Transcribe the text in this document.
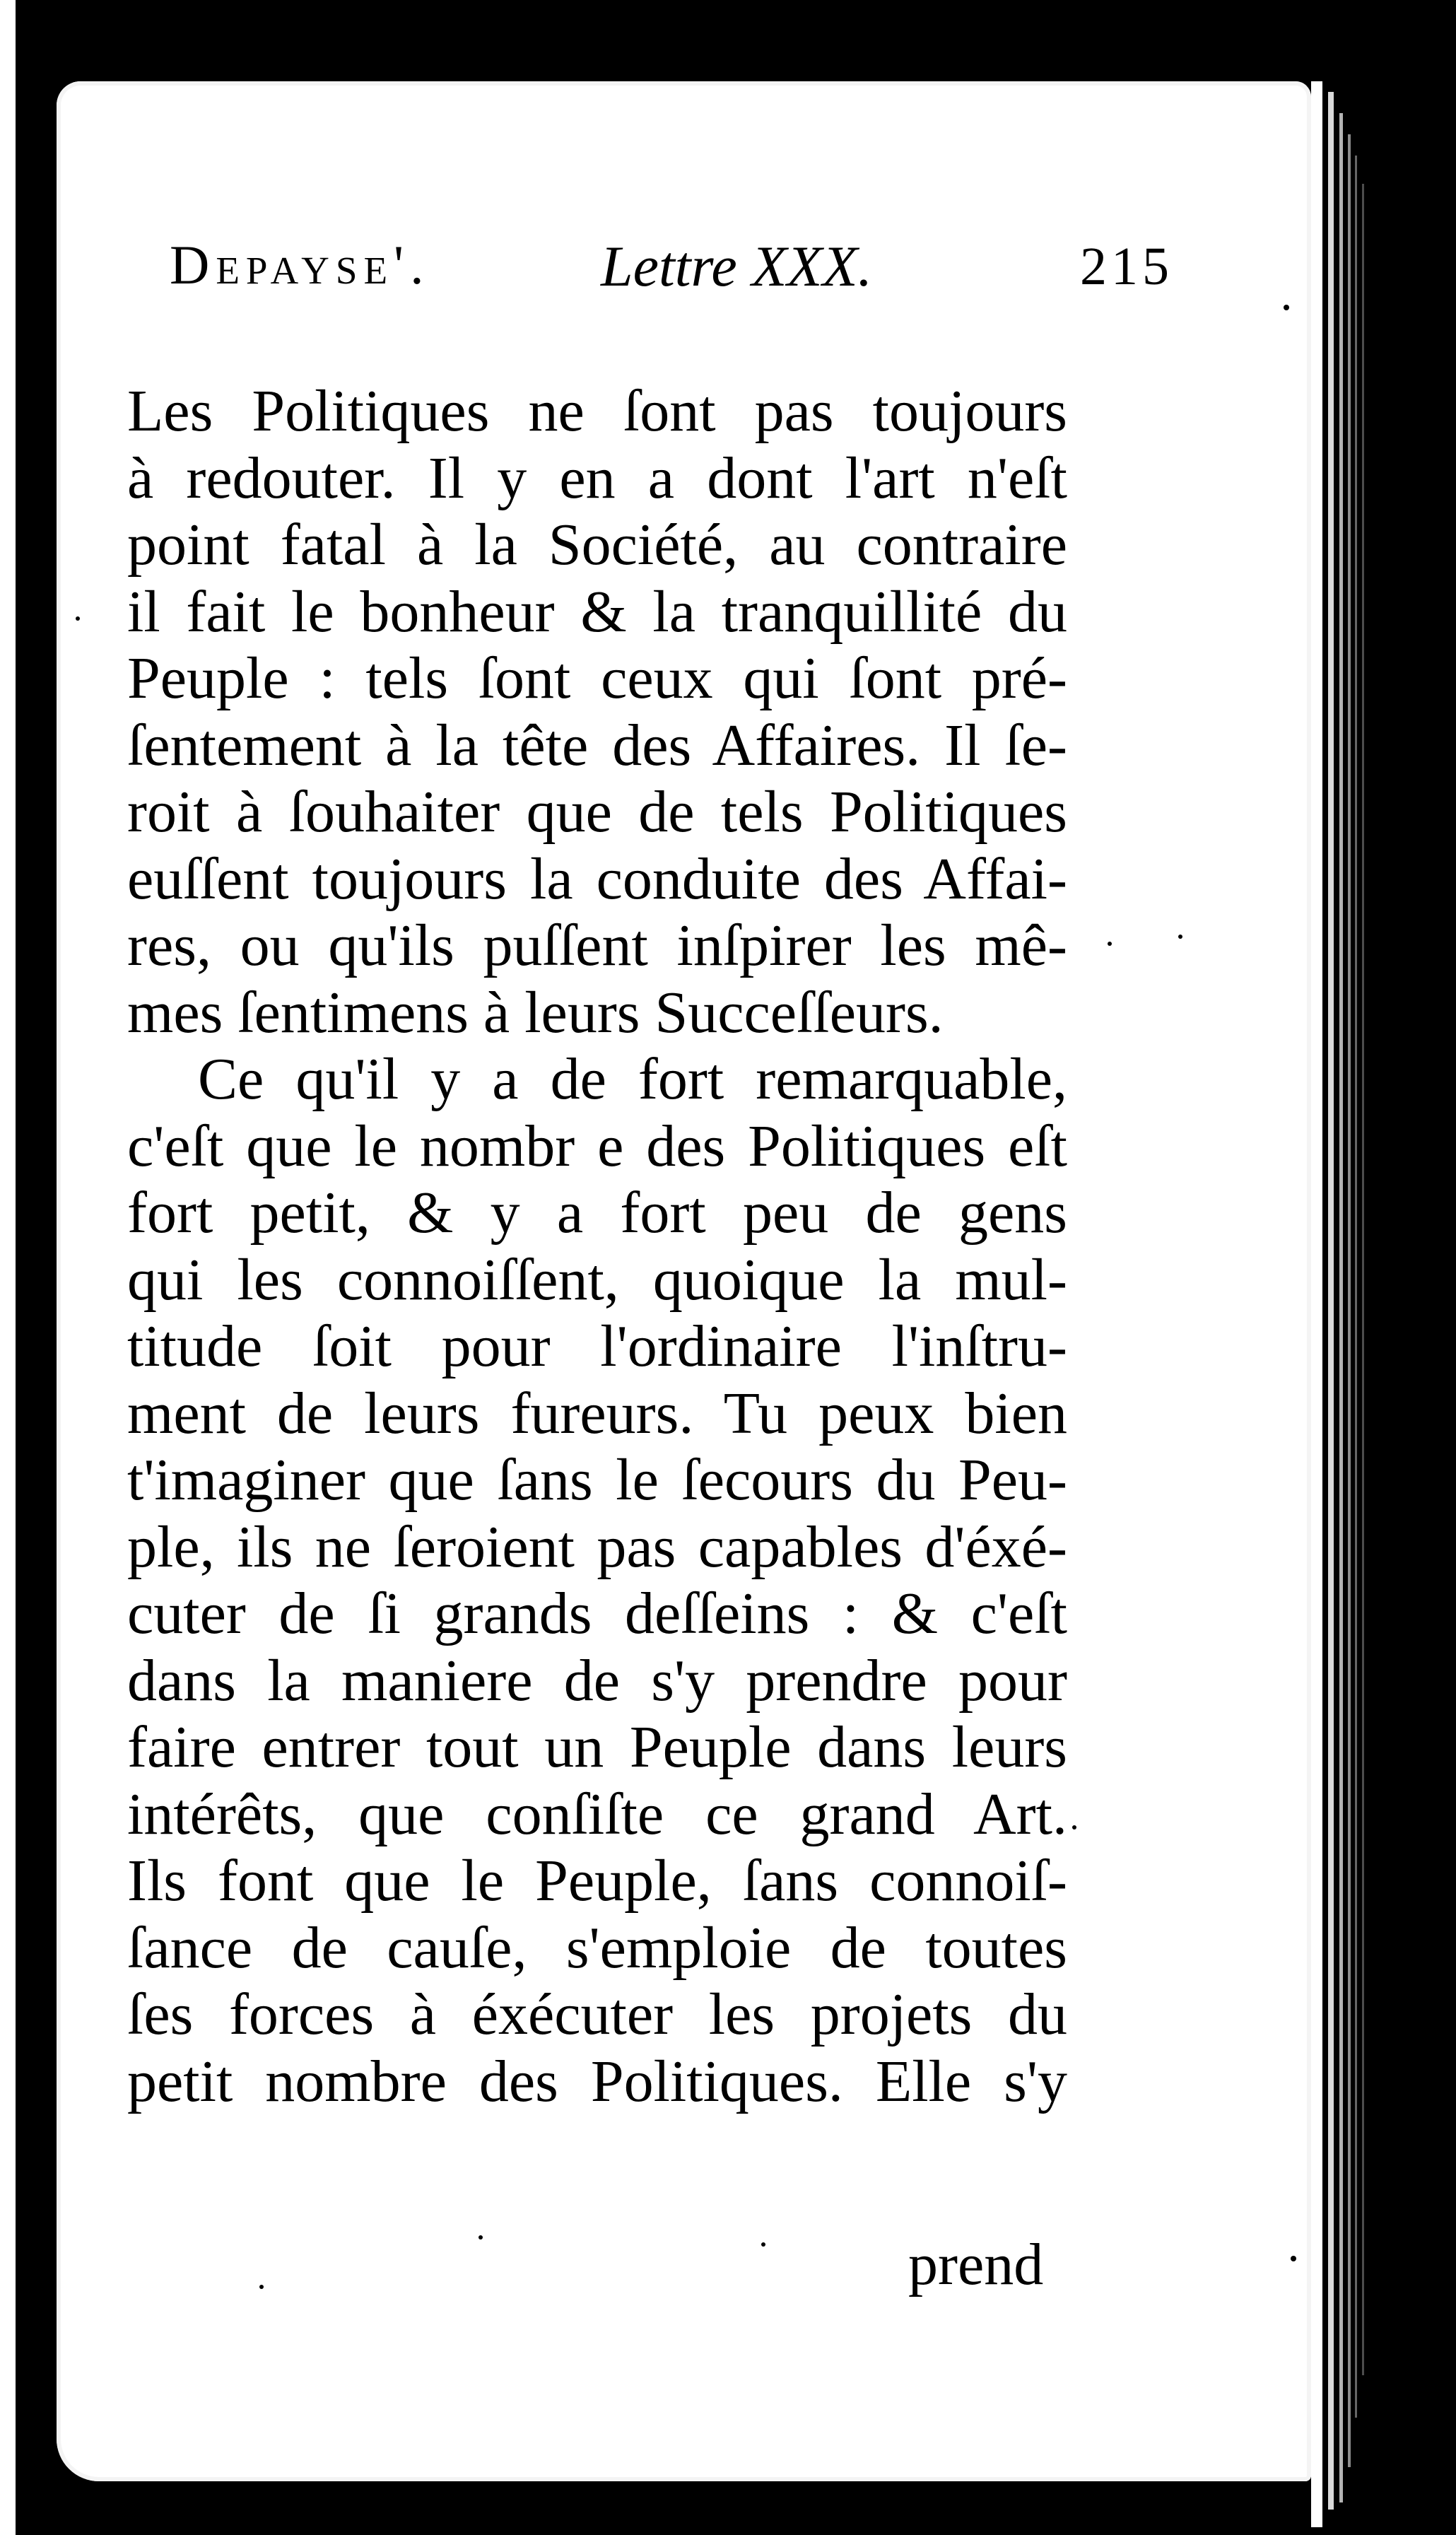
Depayse'.	Lettre XXX.	215
Les Politiques ne ſont pas toujours
à redouter. Il y en a dont l'art n'eſt
point fatal à la Société, au contraire
il fait le bonheur & la tranquillité du
Peuple : tels ſont ceux qui ſont pré-
ſentement à la tête des Affaires. Il ſe-
roit à ſouhaiter que de tels Politiques
euſſent toujours la conduite des Affai-
res, ou qu'ils puſſent inſpirer les mê-
mes ſentimens à leurs Succeſſeurs.
Ce qu'il y a de fort remarquable,
c'eſt que le nombr e des Politiques eſt
fort petit, & y a fort peu de gens
qui les connoiſſent, quoique la mul-
titude ſoit pour l'ordinaire l'inſtru-
ment de leurs fureurs. Tu peux bien
t'imaginer que ſans le ſecours du Peu-
ple, ils ne ſeroient pas capables d'éxé-
cuter de ſi grands deſſeins : & c'eſt
dans la maniere de s'y prendre pour
faire entrer tout un Peuple dans leurs
intérêts, que conſiſte ce grand Art.
Ils font que le Peuple, ſans connoiſ-
ſance de cauſe, s'emploie de toutes
ſes forces à éxécuter les projets du
petit nombre des Politiques. Elle s'y
prend
